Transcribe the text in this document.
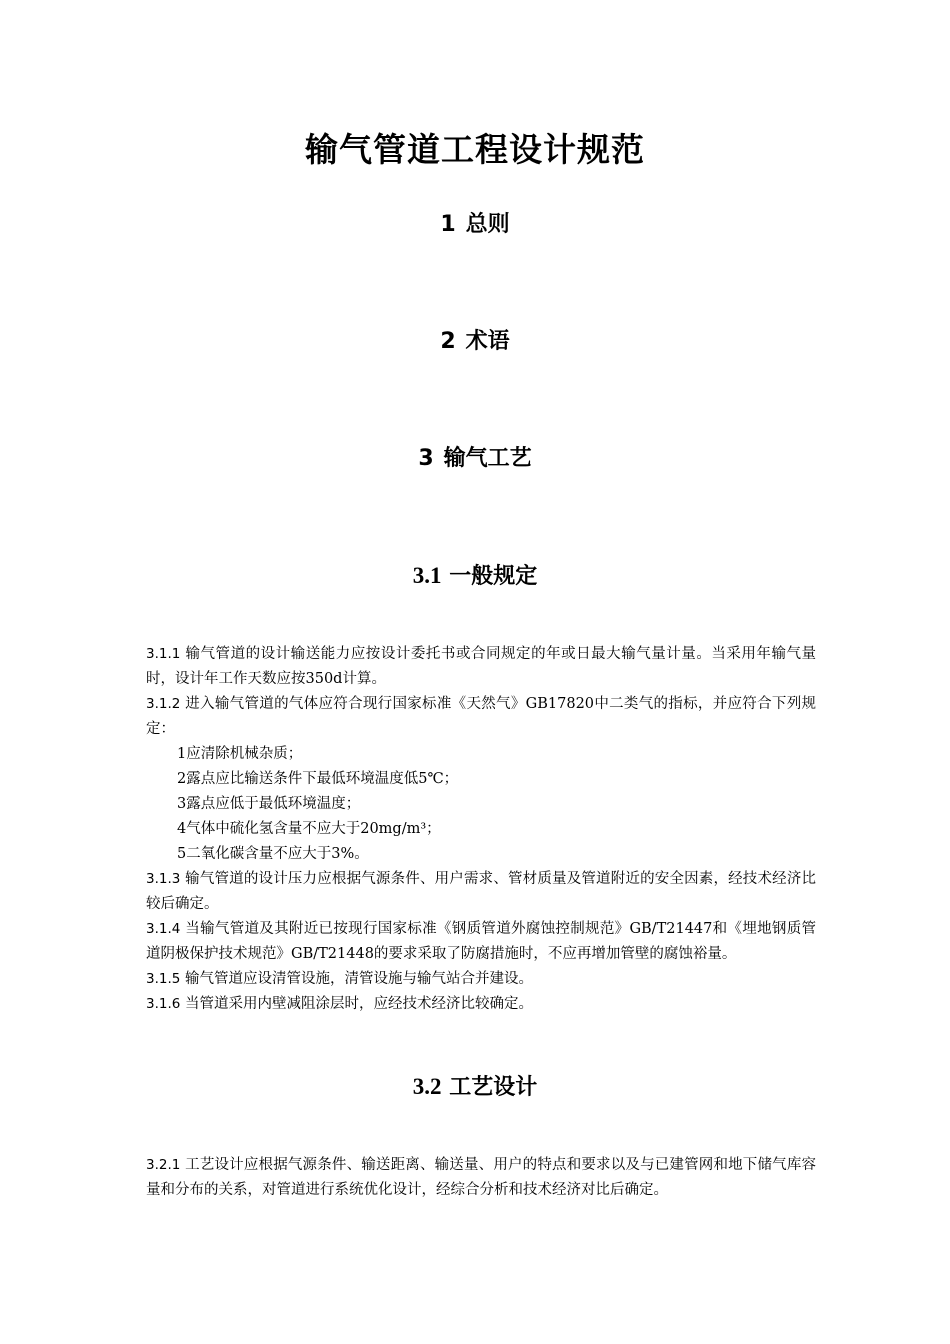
输气管道工程设计规范
1 总则
2 术语
3 输气工艺
3.1 一般规定

3.1.1 输气管道的设计输送能力应按设计委托书或合同规定的年或日最大输气量计量。当采用年输气量时，设计年工作天数应按350d计算。

3.1.2 进入输气管道的气体应符合现行国家标准《天然气》GB17820中二类气的指标，并应符合下列规定：

1应清除机械杂质；

2露点应比输送条件下最低环境温度低5℃；

3露点应低于最低环境温度；

4气体中硫化氢含量不应大于20mg/m³；

5二氧化碳含量不应大于3%。

3.1.3 输气管道的设计压力应根据气源条件、用户需求、管材质量及管道附近的安全因素，经技术经济比较后确定。

3.1.4 当输气管道及其附近已按现行国家标准《钢质管道外腐蚀控制规范》GB/T21447和《埋地钢质管道阴极保护技术规范》GB/T21448的要求采取了防腐措施时，不应再增加管壁的腐蚀裕量。

3.1.5 输气管道应设清管设施，清管设施与输气站合并建设。

3.1.6 当管道采用内壁减阻涂层时，应经技术经济比较确定。

3.2 工艺设计

3.2.1 工艺设计应根据气源条件、输送距离、输送量、用户的特点和要求以及与已建管网和地下储气库容量和分布的关系，对管道进行系统优化设计，经综合分析和技术经济对比后确定。
